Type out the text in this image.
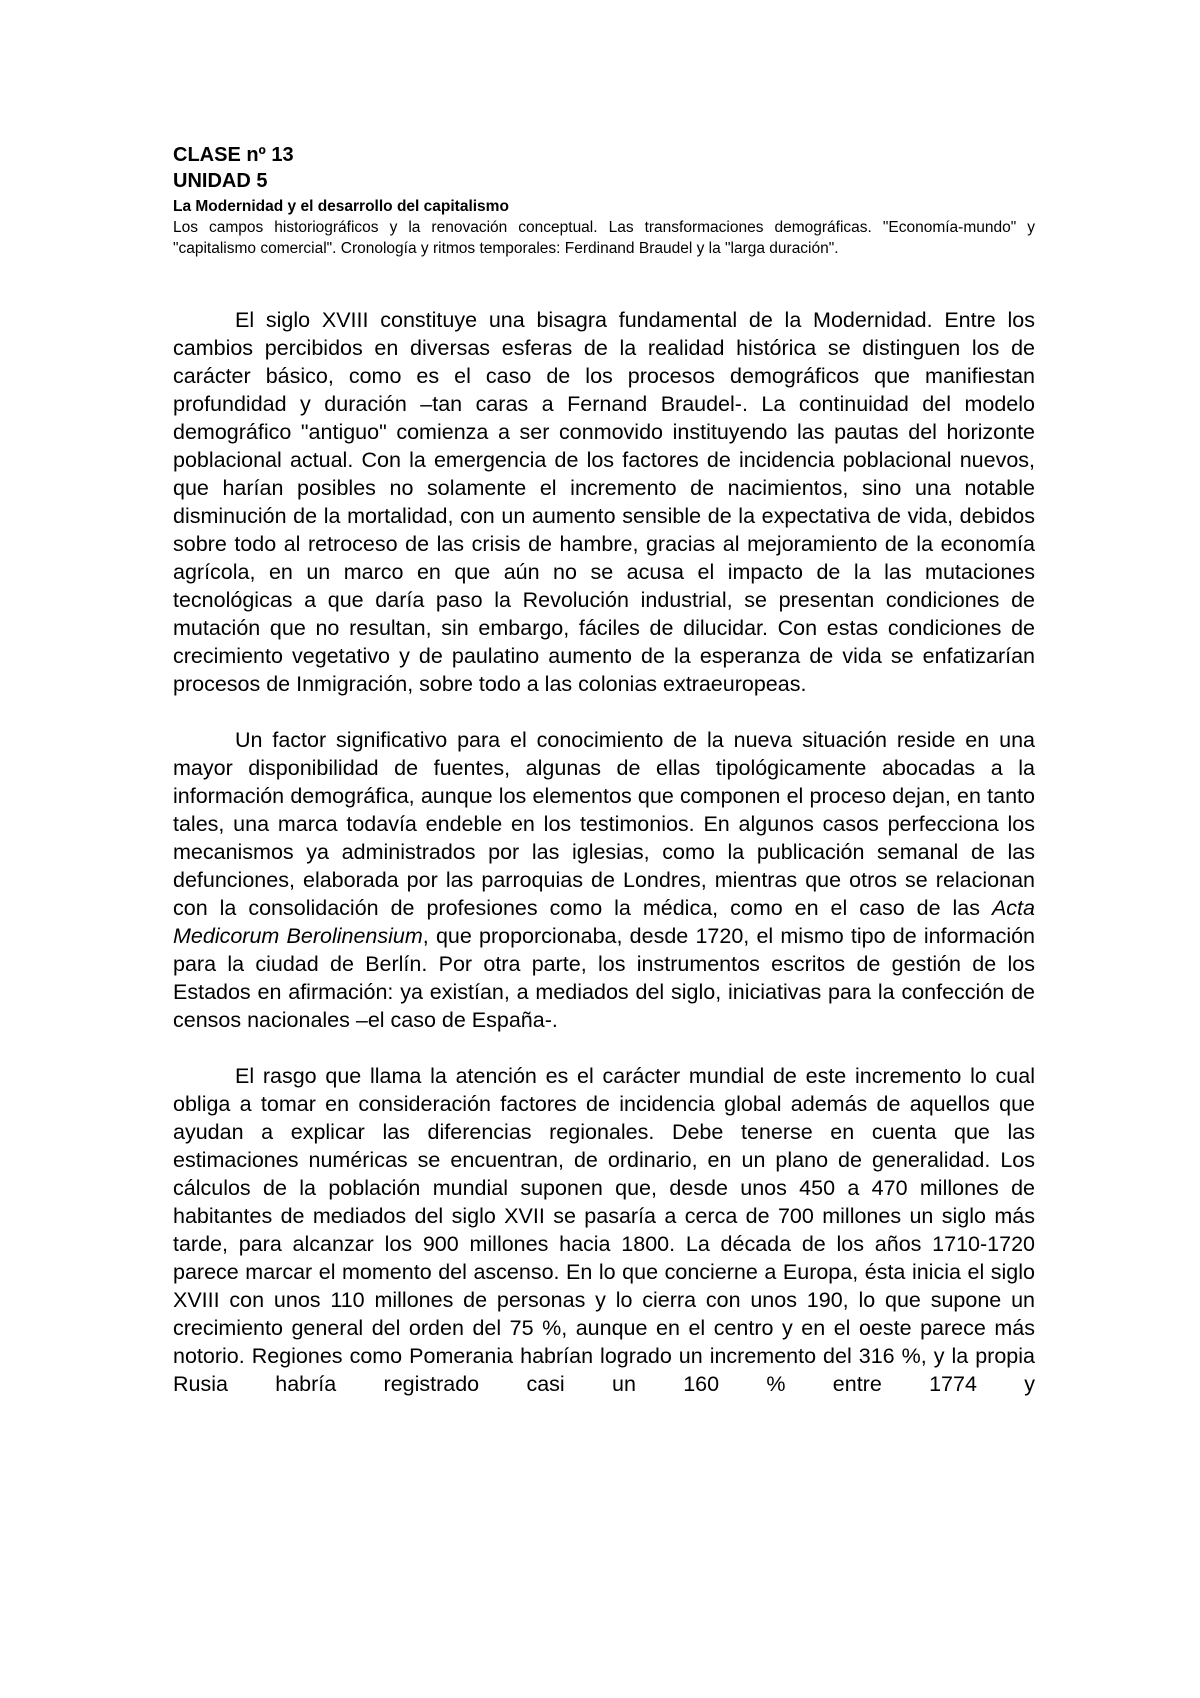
CLASE nº 13

UNIDAD 5

La Modernidad y el desarrollo del capitalismo

Los campos historiográficos y la renovación conceptual. Las transformaciones demográficas. "Economía-mundo" y "capitalismo comercial". Cronología y ritmos temporales: Ferdinand Braudel y la "larga duración".

El siglo XVIII constituye una bisagra fundamental de la Modernidad. Entre los cambios percibidos en diversas esferas de la realidad histórica se distinguen los de carácter básico, como es el caso de los procesos demográficos que manifiestan profundidad y duración –tan caras a Fernand Braudel-. La continuidad del modelo demográfico "antiguo" comienza a ser conmovido instituyendo las pautas del horizonte poblacional actual. Con la emergencia de los factores de incidencia poblacional nuevos, que harían posibles no solamente el incremento de nacimientos, sino una notable disminución de la mortalidad, con un aumento sensible de la expectativa de vida, debidos sobre todo al retroceso de las crisis de hambre, gracias al mejoramiento de la economía agrícola, en un marco en que aún no se acusa el impacto de la las mutaciones tecnológicas a que daría paso la Revolución industrial, se presentan condiciones de mutación que no resultan, sin embargo, fáciles de dilucidar. Con estas condiciones de crecimiento vegetativo y de paulatino aumento de la esperanza de vida se enfatizarían procesos de Inmigración, sobre todo a las colonias extraeuropeas.

Un factor significativo para el conocimiento de la nueva situación reside en una mayor disponibilidad de fuentes, algunas de ellas tipológicamente abocadas a la información demográfica, aunque los elementos que componen el proceso dejan, en tanto tales, una marca todavía endeble en los testimonios. En algunos casos perfecciona los mecanismos ya administrados por las iglesias, como la publicación semanal de las defunciones, elaborada por las parroquias de Londres, mientras que otros se relacionan con la consolidación de profesiones como la médica, como en el caso de las Acta Medicorum Berolinensium, que proporcionaba, desde 1720, el mismo tipo de información para la ciudad de Berlín. Por otra parte, los instrumentos escritos de gestión de los Estados en afirmación: ya existían, a mediados del siglo, iniciativas para la confección de censos nacionales –el caso de España-.

El rasgo que llama la atención es el carácter mundial de este incremento lo cual obliga a tomar en consideración factores de incidencia global además de aquellos que ayudan a explicar las diferencias regionales. Debe tenerse en cuenta que las estimaciones numéricas se encuentran, de ordinario, en un plano de generalidad. Los cálculos de la población mundial suponen que, desde unos 450 a 470 millones de habitantes de mediados del siglo XVII se pasaría a cerca de 700 millones un siglo más tarde, para alcanzar los 900 millones hacia 1800. La década de los años 1710-1720 parece marcar el momento del ascenso. En lo que concierne a Europa, ésta inicia el siglo XVIII con unos 110 millones de personas y lo cierra con unos 190, lo que supone un crecimiento general del orden del 75 %, aunque en el centro y en el oeste parece más notorio. Regiones como Pomerania habrían logrado un incremento del 316 %, y la propia Rusia habría registrado casi un 160 % entre 1774 y
